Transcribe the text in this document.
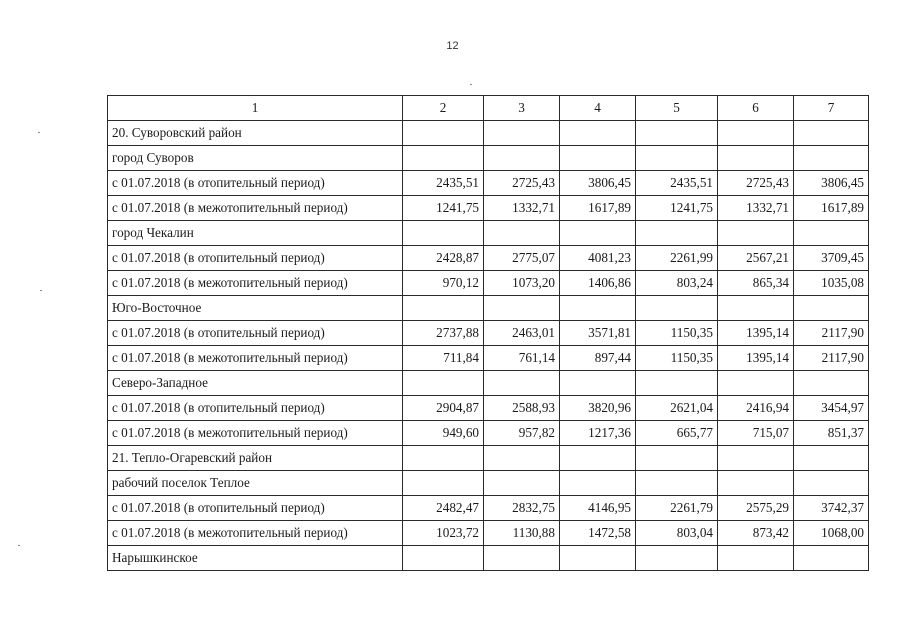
12
1	2	3	4	5	6	7
20. Суворовский район						
город Суворов						
с 01.07.2018 (в отопительный период)	2435,51	2725,43	3806,45	2435,51	2725,43	3806,45
с 01.07.2018 (в межотопительный период)	1241,75	1332,71	1617,89	1241,75	1332,71	1617,89
город Чекалин						
с 01.07.2018 (в отопительный период)	2428,87	2775,07	4081,23	2261,99	2567,21	3709,45
с 01.07.2018 (в межотопительный период)	970,12	1073,20	1406,86	803,24	865,34	1035,08
Юго-Восточное						
с 01.07.2018 (в отопительный период)	2737,88	2463,01	3571,81	1150,35	1395,14	2117,90
с 01.07.2018 (в межотопительный период)	711,84	761,14	897,44	1150,35	1395,14	2117,90
Северо-Западное						
с 01.07.2018 (в отопительный период)	2904,87	2588,93	3820,96	2621,04	2416,94	3454,97
с 01.07.2018 (в межотопительный период)	949,60	957,82	1217,36	665,77	715,07	851,37
21. Тепло-Огаревский район						
рабочий поселок Теплое						
с 01.07.2018 (в отопительный период)	2482,47	2832,75	4146,95	2261,79	2575,29	3742,37
с 01.07.2018 (в межотопительный период)	1023,72	1130,88	1472,58	803,04	873,42	1068,00
Нарышкинское						
